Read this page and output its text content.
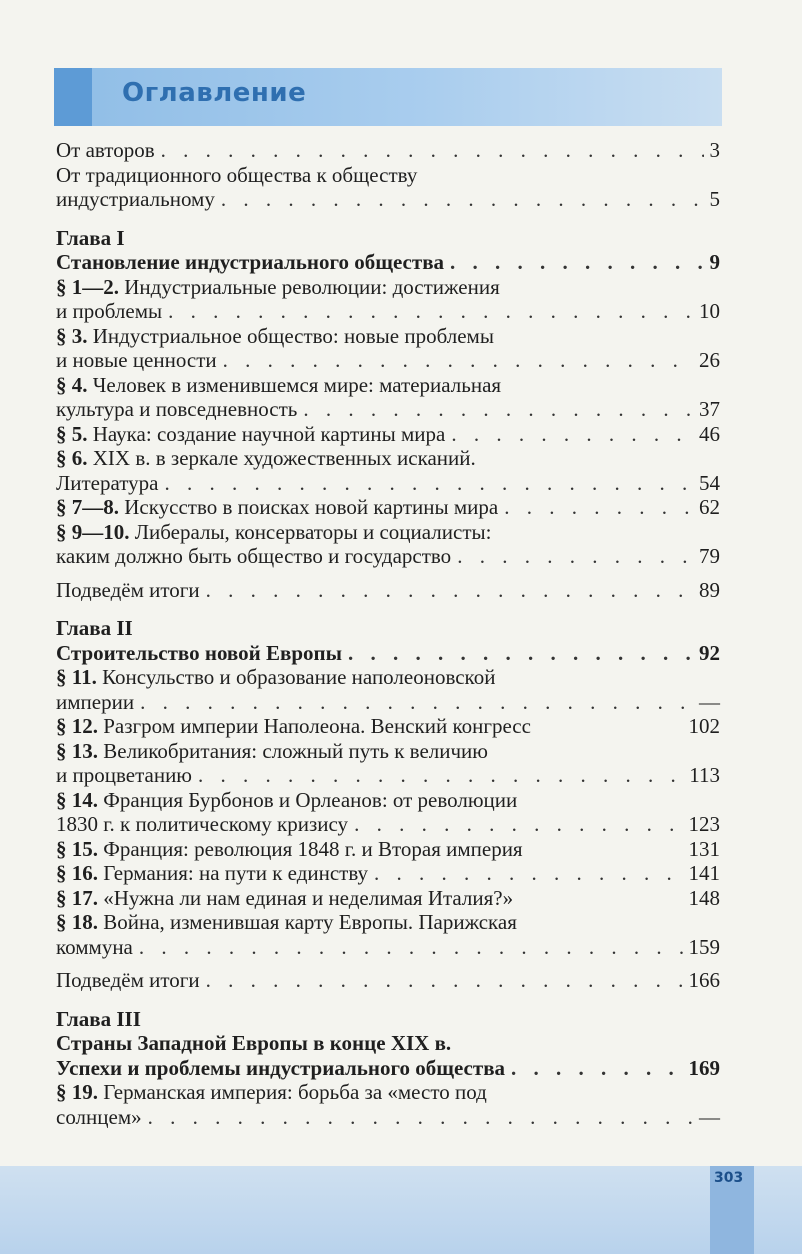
Оглавление
От авторов . . .	3
От традиционного общества к обществу
индустриальному . . .	5
Глава I
Становление индустриального общества . . .	9
§ 1—2. Индустриальные революции: достижения
и проблемы . . .	10
§ 3. Индустриальное общество: новые проблемы
и новые ценности . . .	26
§ 4. Человек в изменившемся мире: материальная
культура и повседневность . . .	37
§ 5. Наука: создание научной картины мира . . .	46
§ 6. XIX в. в зеркале художественных исканий.
Литература . . .	54
§ 7—8. Искусство в поисках новой картины мира . . .	62
§ 9—10. Либералы, консерваторы и социалисты:
каким должно быть общество и государство . . .	79
Подведём итоги . . .	89
Глава II
Строительство новой Европы . . .	92
§ 11. Консульство и образование наполеоновской
империи . . .	—
§ 12. Разгром империи Наполеона. Венский конгресс	102
§ 13. Великобритания: сложный путь к величию
и процветанию . . .	113
§ 14. Франция Бурбонов и Орлеанов: от революции
1830 г. к политическому кризису . . .	123
§ 15. Франция: революция 1848 г. и Вторая империя	131
§ 16. Германия: на пути к единству . . .	141
§ 17. «Нужна ли нам единая и неделимая Италия?»	148
§ 18. Война, изменившая карту Европы. Парижская
коммуна . . .	159
Подведём итоги . . .	166
Глава III
Страны Западной Европы в конце XIX в.
Успехи и проблемы индустриального общества . . .	169
§ 19. Германская империя: борьба за «место под
солнцем» . . .	—
303
